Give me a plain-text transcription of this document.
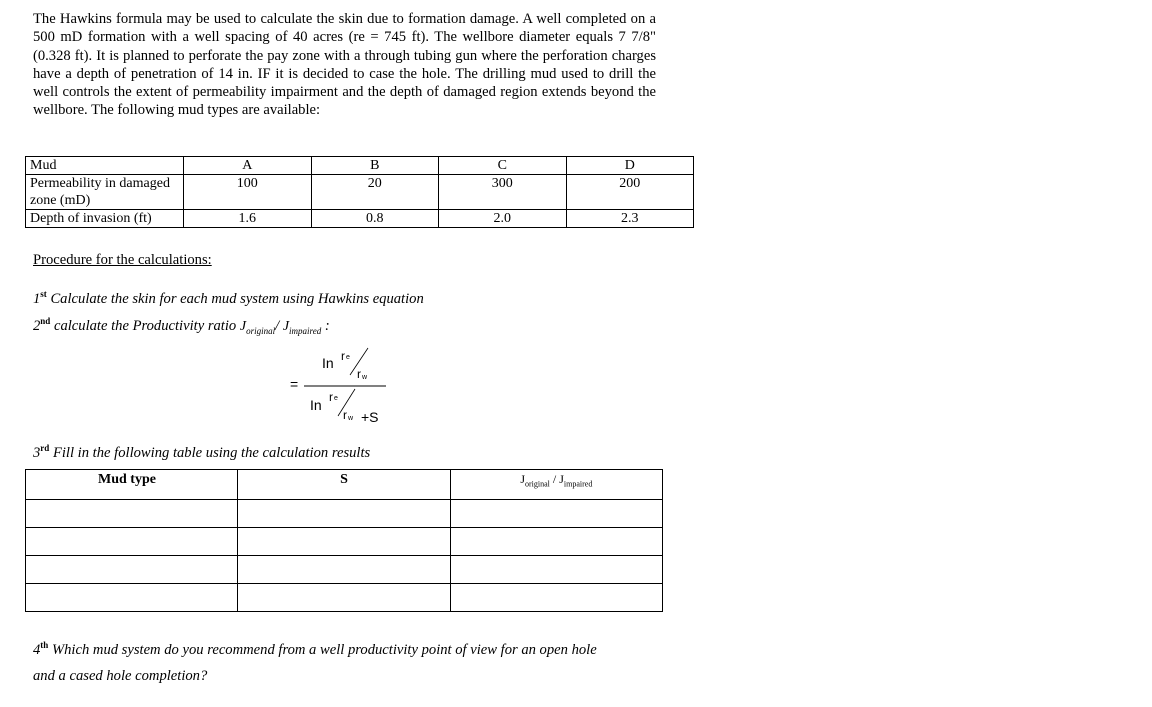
The Hawkins formula may be used to calculate the skin due to formation damage. A well completed on a 500 mD formation with a well spacing of 40 acres (re = 745 ft). The wellbore diameter equals 7 7/8" (0.328 ft). It is planned to perforate the pay zone with a through tubing gun where the perforation charges have a depth of penetration of 14 in. IF it is decided to case the hole. The drilling mud used to drill the well controls the extent of permeability impairment and the depth of damaged region extends beyond the wellbore. The following mud types are available:

Mud	A	B	C	D
Permeability in damaged zone (mD)	100	20	300	200
Depth of invasion (ft)	1.6	0.8	2.0	2.3

Procedure for the calculations:

1st Calculate the skin for each mud system using Hawkins equation

2nd calculate the Productivity ratio $J_{original}/$ $J_{impaired}$ :

=
In r e
r w
In r e
r w +S

3rd Fill in the following table using the calculation results

Mud type	S	$J_{original} / J_{impaired}$

4th Which mud system do you recommend from a well productivity point of view for an open hole

and a cased hole completion?
